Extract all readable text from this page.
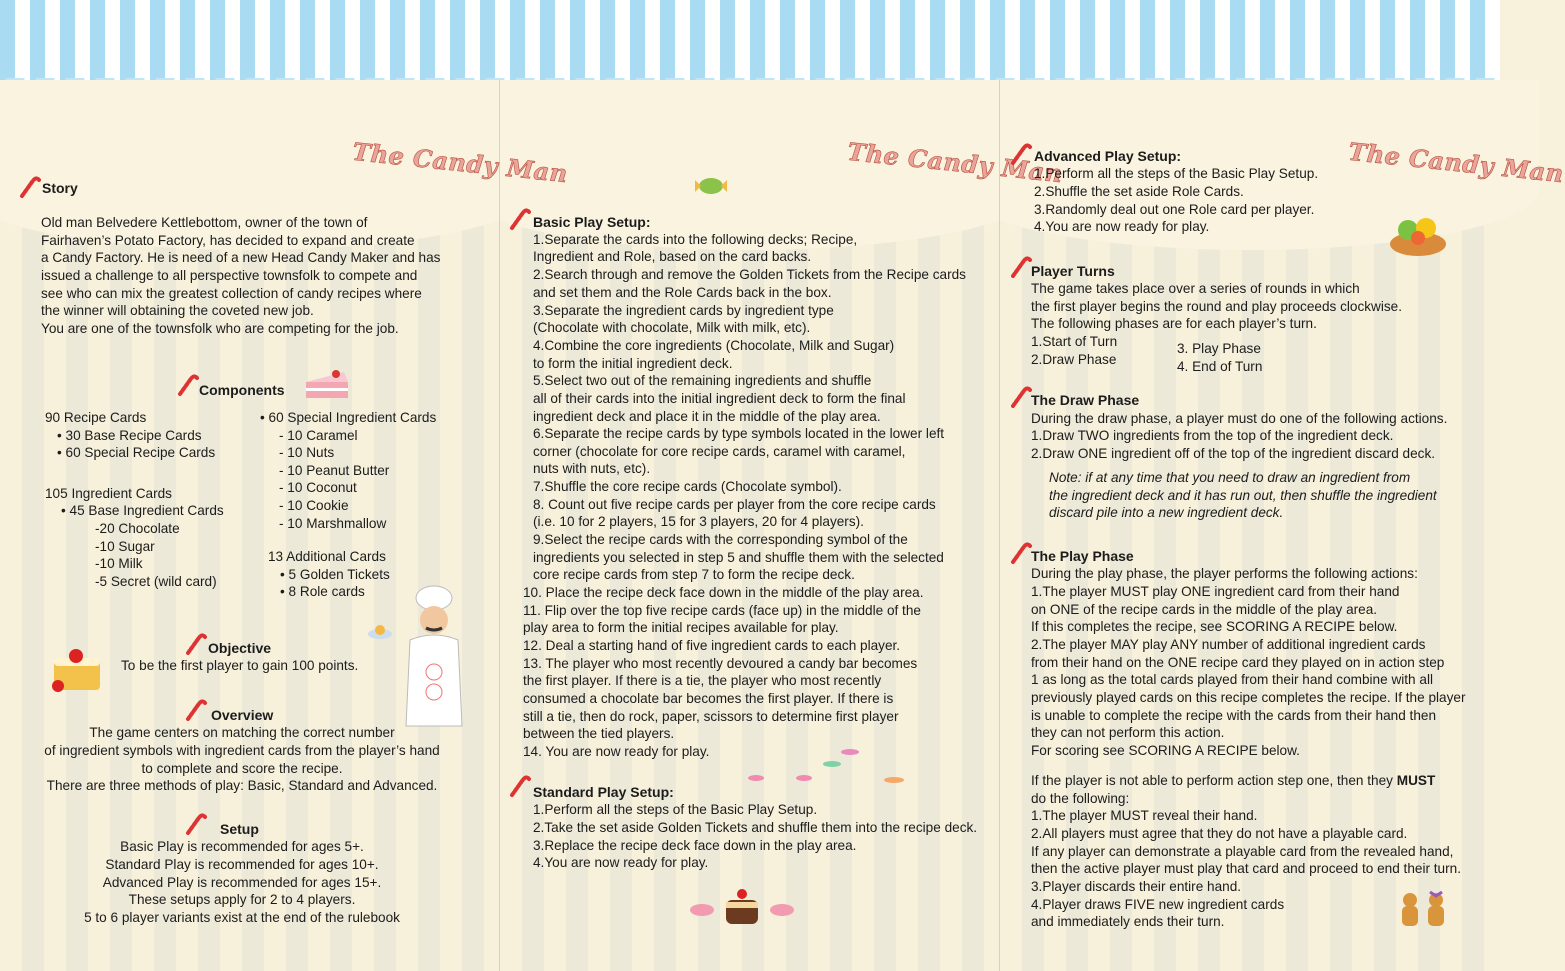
The Candy Man	The Candy Man	The Candy Man
Story
Old man Belvedere Kettlebottom, owner of the town of
Fairhaven’s Potato Factory, has decided to expand and create
a Candy Factory. He is need of a new Head Candy Maker and has
issued a challenge to all perspective townsfolk to compete and
see who can mix the greatest collection of candy recipes where
the winner will obtaining the coveted new job.
You are one of the townsfolk who are competing for the job.
Components
90 Recipe Cards
• 30 Base Recipe Cards
• 60 Special Recipe Cards
105 Ingredient Cards
• 45 Base Ingredient Cards
-20 Chocolate
-10 Sugar
-10 Milk
-5 Secret (wild card)
• 60 Special Ingredient Cards
- 10 Caramel
- 10 Nuts
- 10 Peanut Butter
- 10 Coconut
- 10 Cookie
- 10 Marshmallow
13 Additional Cards
• 5 Golden Tickets
• 8 Role cards
Objective
To be the first player to gain 100 points.
Overview
The game centers on matching the correct number
of ingredient symbols with ingredient cards from the player’s hand
to complete and score the recipe.
There are three methods of play: Basic, Standard and Advanced.
Setup
Basic Play is recommended for ages 5+.
Standard Play is recommended for ages 10+.
Advanced Play is recommended for ages 15+.
These setups apply for 2 to 4 players.
5 to 6 player variants exist at the end of the rulebook
Basic Play Setup:
1.Separate the cards into the following decks; Recipe,
Ingredient and Role, based on the card backs.
2.Search through and remove the Golden Tickets from the Recipe cards
and set them and the Role Cards back in the box.
3.Separate the ingredient cards by ingredient type
(Chocolate with chocolate, Milk with milk, etc).
4.Combine the core ingredients (Chocolate, Milk and Sugar)
to form the initial ingredient deck.
5.Select two out of the remaining ingredients and shuffle
all of their cards into the initial ingredient deck to form the final
ingredient deck and place it in the middle of the play area.
6.Separate the recipe cards by type symbols located in the lower left
corner (chocolate for core recipe cards, caramel with caramel,
nuts with nuts, etc).
7.Shuffle the core recipe cards (Chocolate symbol).
8. Count out five recipe cards per player from the core recipe cards
(i.e. 10 for 2 players, 15 for 3 players, 20 for 4 players).
9.Select the recipe cards with the corresponding symbol of the
ingredients you selected in step 5 and shuffle them with the selected
core recipe cards from step 7 to form the recipe deck.
10. Place the recipe deck face down in the middle of the play area.
11. Flip over the top five recipe cards (face up) in the middle of the
play area to form the initial recipes available for play.
12. Deal a starting hand of five ingredient cards to each player.
13. The player who most recently devoured a candy bar becomes
the first player. If there is a tie, the player who most recently
consumed a chocolate bar becomes the first player. If there is
still a tie, then do rock, paper, scissors to determine first player
between the tied players.
14. You are now ready for play.
Standard Play Setup:
1.Perform all the steps of the Basic Play Setup.
2.Take the set aside Golden Tickets and shuffle them into the recipe deck.
3.Replace the recipe deck face down in the play area.
4.You are now ready for play.
Advanced Play Setup:
1.Perform all the steps of the Basic Play Setup.
2.Shuffle the set aside Role Cards.
3.Randomly deal out one Role card per player.
4.You are now ready for play.
Player Turns
The game takes place over a series of rounds in which
the first player begins the round and play proceeds clockwise.
The following phases are for each player’s turn.
1.Start of Turn
2.Draw Phase
3. Play Phase
4. End of Turn
The Draw Phase
During the draw phase, a player must do one of the following actions.
1.Draw TWO ingredients from the top of the ingredient deck.
2.Draw ONE ingredient off of the top of the ingredient discard deck.
Note: if at any time that you need to draw an ingredient from
the ingredient deck and it has run out, then shuffle the ingredient
discard pile into a new ingredient deck.
The Play Phase
During the play phase, the player performs the following actions:
1.The player MUST play ONE ingredient card from their hand
on ONE of the recipe cards in the middle of the play area.
If this completes the recipe, see SCORING A RECIPE below.
2.The player MAY play ANY number of additional ingredient cards
from their hand on the ONE recipe card they played on in action step
1 as long as the total cards played from their hand combine with all
previously played cards on this recipe completes the recipe. If the player
is unable to complete the recipe with the cards from their hand then
they can not perform this action.
For scoring see SCORING A RECIPE below.
If the player is not able to perform action step one, then they MUST
do the following:
1.The player MUST reveal their hand.
2.All players must agree that they do not have a playable card.
If any player can demonstrate a playable card from the revealed hand,
then the active player must play that card and proceed to end their turn.
3.Player discards their entire hand.
4.Player draws FIVE new ingredient cards
and immediately ends their turn.
